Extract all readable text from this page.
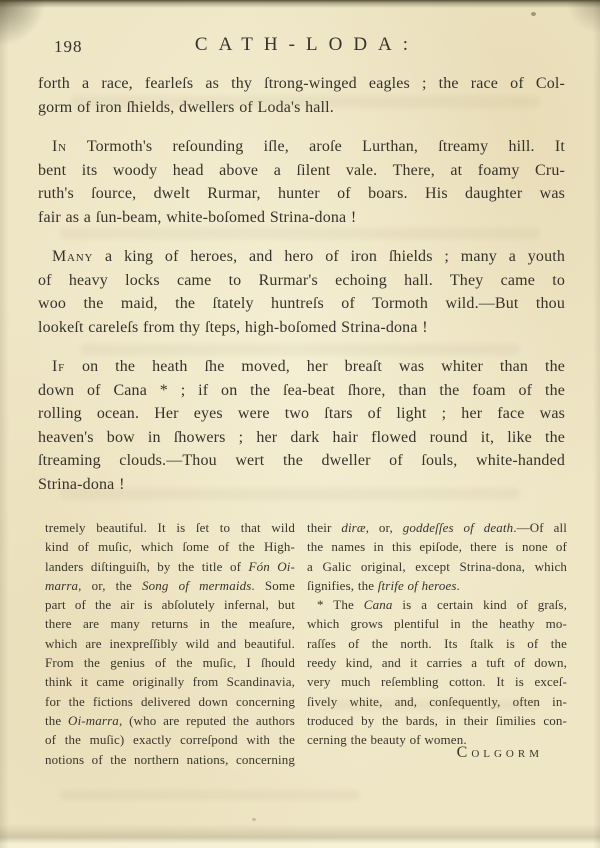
198	CATH-LODA:
forth a race, fearleſs as thy ſtrong-winged eagles ; the race of Col-
gorm of iron ſhields, dwellers of Loda's hall.
In Tormoth's reſounding iſle, aroſe Lurthan, ſtreamy hill. It
bent its woody head above a ſilent vale. There, at foamy Cru-
ruth's ſource, dwelt Rurmar, hunter of boars. His daughter was
fair as a ſun-beam, white-boſomed Strina-dona !
Many a king of heroes, and hero of iron ſhields ; many a youth
of heavy locks came to Rurmar's echoing hall. They came to
woo the maid, the ſtately huntreſs of Tormoth wild.—But thou
lookeſt careleſs from thy ſteps, high-boſomed Strina-dona !
If on the heath ſhe moved, her breaſt was whiter than the
down of Cana * ; if on the ſea-beat ſhore, than the foam of the
rolling ocean. Her eyes were two ſtars of light ; her face was
heaven's bow in ſhowers ; her dark hair flowed round it, like the
ſtreaming clouds.—Thou wert the dweller of ſouls, white-handed
Strina-dona !
tremely beautiful. It is ſet to that wild
kind of muſic, which ſome of the High-
landers diſtinguiſh, by the title of Fón Oi-
marra, or, the Song of mermaids. Some
part of the air is abſolutely infernal, but
there are many returns in the meaſure,
which are inexpreſſibly wild and beautiful.
From the genius of the muſic, I ſhould
think it came originally from Scandinavia,
for the fictions delivered down concerning
the Oi-marra, (who are reputed the authors
of the muſic) exactly correſpond with the
notions of the northern nations, concerning
their diræ, or, goddeſſes of death.—Of all
the names in this epiſode, there is none of
a Galic original, except Strina-dona, which
ſignifies, the ſtrife of heroes.
* The Cana is a certain kind of graſs,
which grows plentiful in the heathy mo-
raſſes of the north. Its ſtalk is of the
reedy kind, and it carries a tuft of down,
very much reſembling cotton. It is exceſ-
ſively white, and, conſequently, often in-
troduced by the bards, in their ſimilies con-
cerning the beauty of women.
Colgorm
